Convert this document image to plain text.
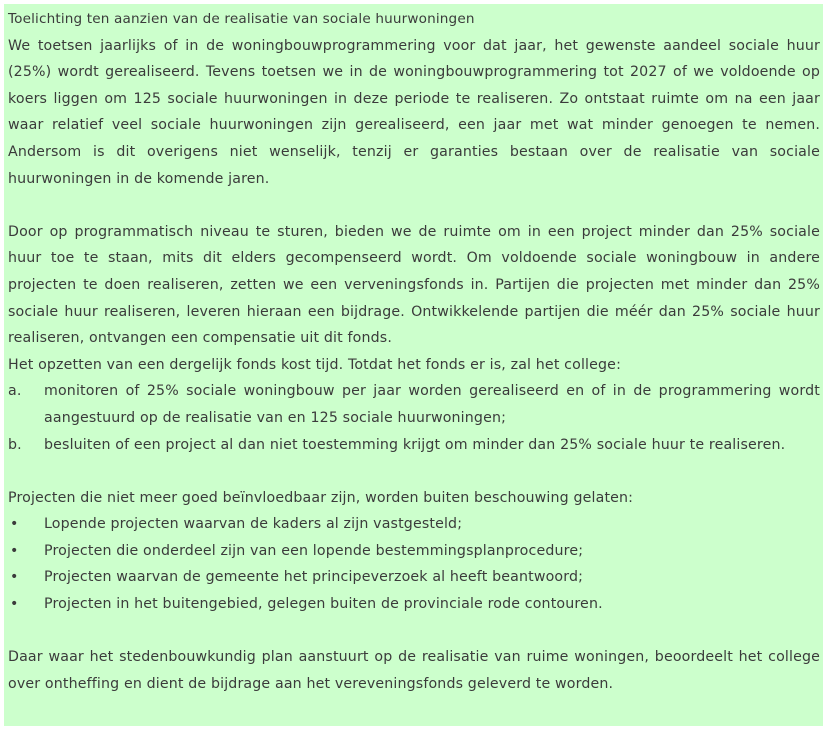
Toelichting ten aanzien van de realisatie van sociale huurwoningen

We toetsen jaarlijks of in de woningbouwprogrammering voor dat jaar, het gewenste aandeel sociale huur (25%) wordt gerealiseerd. Tevens toetsen we in de woningbouwprogrammering tot 2027 of we voldoende op koers liggen om 125 sociale huurwoningen in deze periode te realiseren. Zo ontstaat ruimte om na een jaar waar relatief veel sociale huurwoningen zijn gerealiseerd, een jaar met wat minder genoegen te nemen. Andersom is dit overigens niet wenselijk, tenzij er garanties bestaan over de realisatie van sociale huurwoningen in de komende jaren.

Door op programmatisch niveau te sturen, bieden we de ruimte om in een project minder dan 25% sociale huur toe te staan, mits dit elders gecompenseerd wordt. Om voldoende sociale woningbouw in andere projecten te doen realiseren, zetten we een verveningsfonds in. Partijen die projecten met minder dan 25% sociale huur realiseren, leveren hieraan een bijdrage. Ontwikkelende partijen die méér dan 25% sociale huur realiseren, ontvangen een compensatie uit dit fonds.

Het opzetten van een dergelijk fonds kost tijd. Totdat het fonds er is, zal het college:

a.	monitoren of 25% sociale woningbouw per jaar worden gerealiseerd en of in de programmering wordt aangestuurd op de realisatie van en 125 sociale huurwoningen;
b.	besluiten of een project al dan niet toestemming krijgt om minder dan 25% sociale huur te realiseren.

Projecten die niet meer goed beïnvloedbaar zijn, worden buiten beschouwing gelaten:

•	Lopende projecten waarvan de kaders al zijn vastgesteld;
•	Projecten die onderdeel zijn van een lopende bestemmingsplanprocedure;
•	Projecten waarvan de gemeente het principeverzoek al heeft beantwoord;
•	Projecten in het buitengebied, gelegen buiten de provinciale rode contouren.

Daar waar het stedenbouwkundig plan aanstuurt op de realisatie van ruime woningen, beoordeelt het college over ontheffing en dient de bijdrage aan het vereveningsfonds geleverd te worden.
